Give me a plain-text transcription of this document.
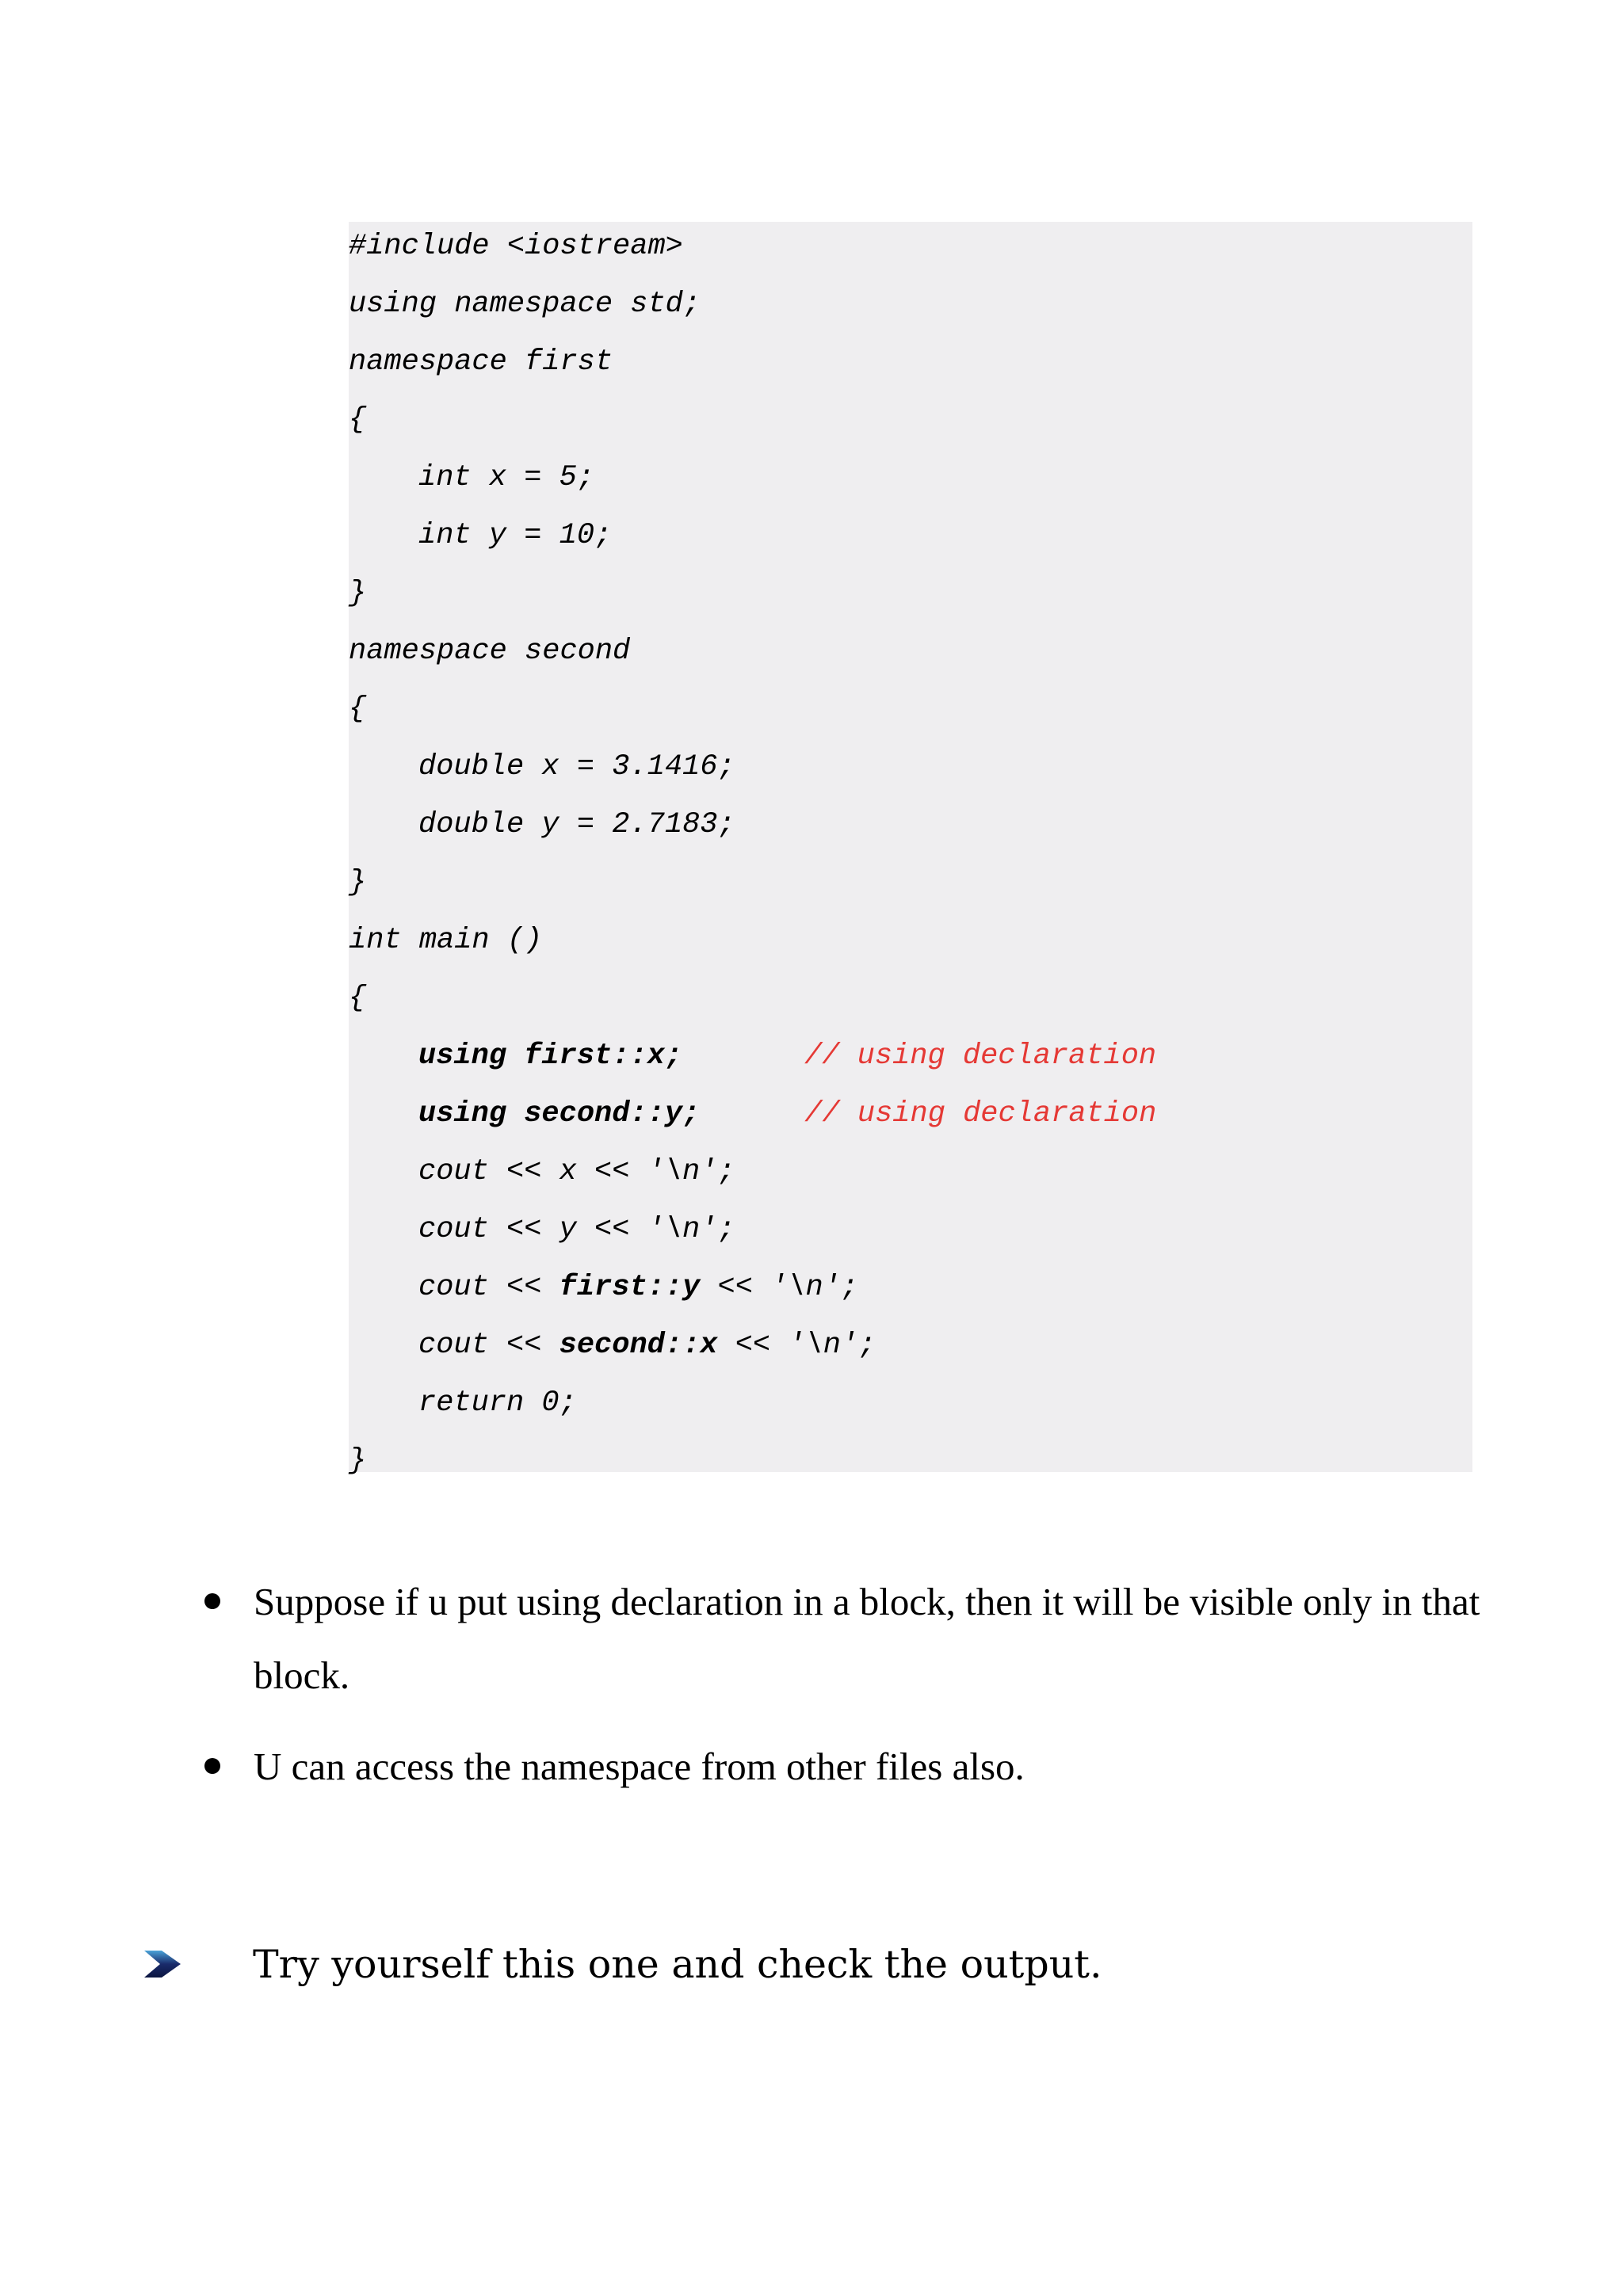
#include <iostream>
using namespace std;
namespace first
{
int x = 5;
int y = 10;
}
namespace second
{
double x = 3.1416;
double y = 2.7183;
}
int main ()
{
using first::x;	// using declaration
using second::y;	// using declaration
cout << x << '\n';
cout << y << '\n';
cout << first::y << '\n';
cout << second::x << '\n';
return 0;
}
Suppose if u put using declaration in a block, then it will be visible only in that block.
U can access the namespace from other files also.
Try yourself this one and check the output.
